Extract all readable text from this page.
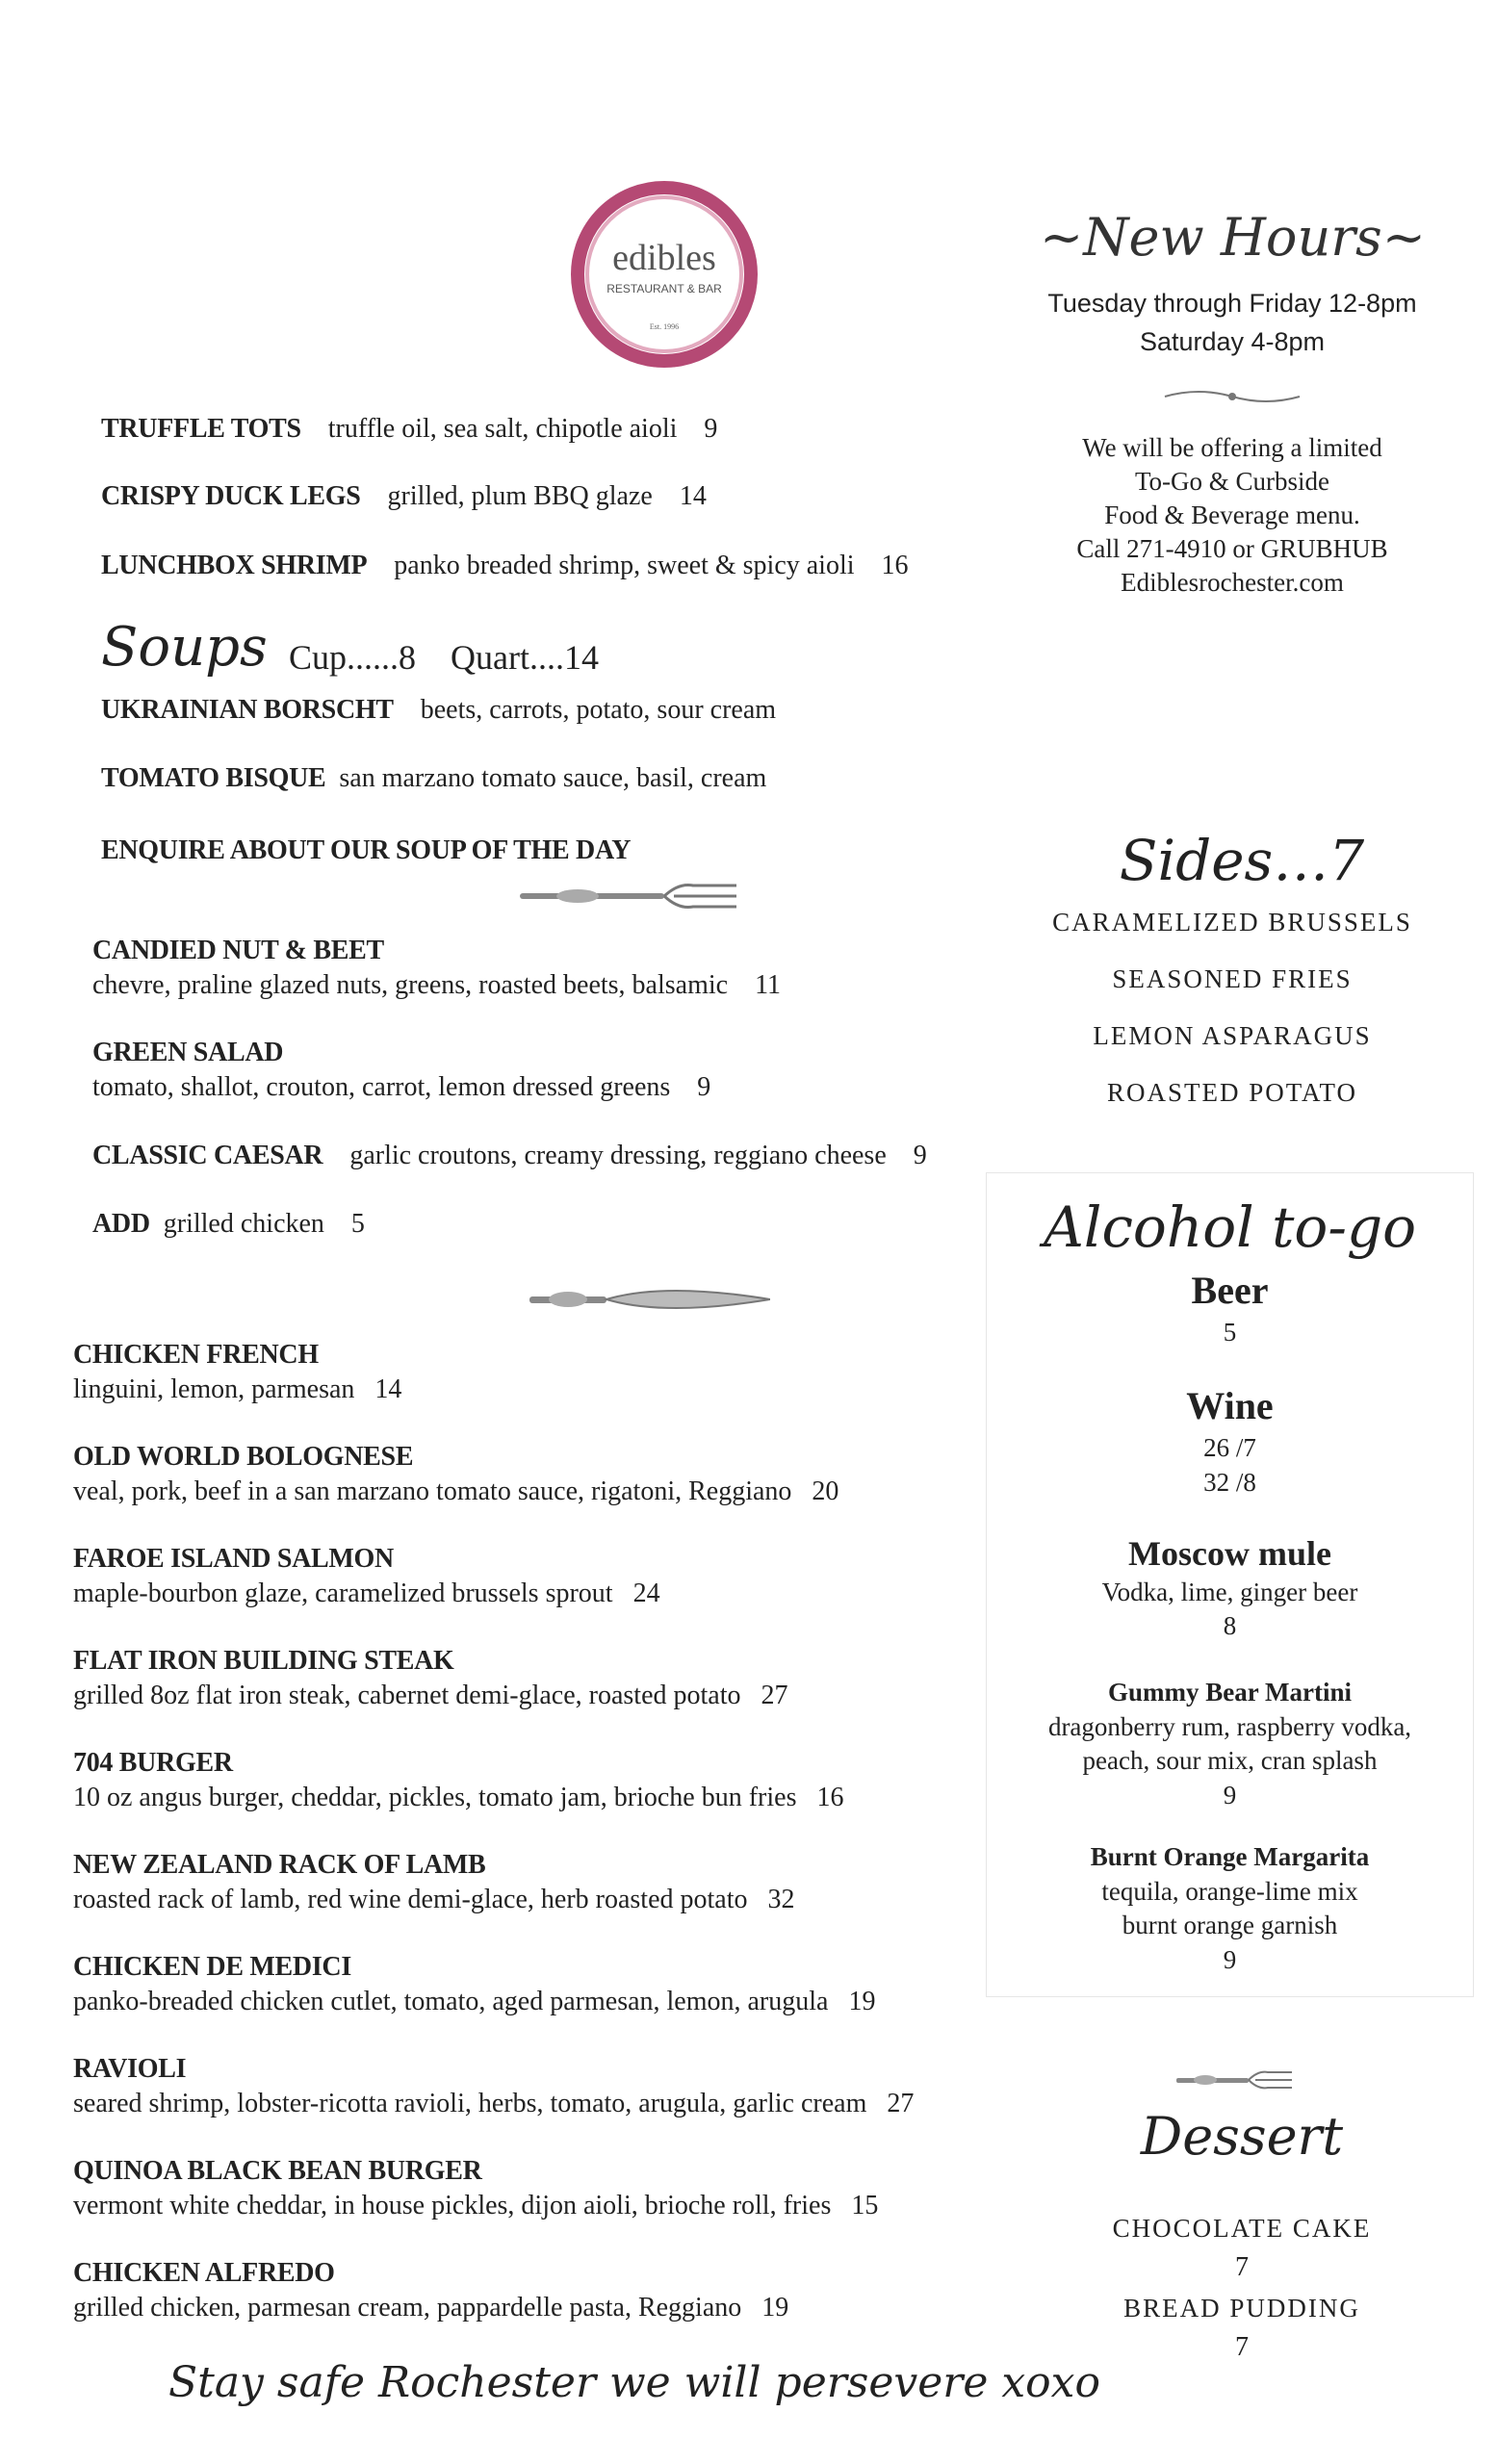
edibles
RESTAURANT & BAR
Est. 1996
~New Hours~
Tuesday through Friday 12-8pm
Saturday 4-8pm
We will be offering a limited
To-Go & Curbside
Food & Beverage menu.
Call 271-4910 or GRUBHUB
Ediblesrochester.com
TRUFFLE TOTS truffle oil, sea salt, chipotle aioli 9
CRISPY DUCK LEGS grilled, plum BBQ glaze 14
LUNCHBOX SHRIMP panko breaded shrimp, sweet & spicy aioli 16
Soups Cup......8 Quart....14
UKRAINIAN BORSCHT beets, carrots, potato, sour cream
TOMATO BISQUE san marzano tomato sauce, basil, cream
ENQUIRE ABOUT OUR SOUP OF THE DAY
CANDIED NUT & BEET
chevre, praline glazed nuts, greens, roasted beets, balsamic 11
GREEN SALAD
tomato, shallot, crouton, carrot, lemon dressed greens 9
CLASSIC CAESAR garlic croutons, creamy dressing, reggiano cheese 9
ADD grilled chicken 5
CHICKEN FRENCH
linguini, lemon, parmesan 14
OLD WORLD BOLOGNESE
veal, pork, beef in a san marzano tomato sauce, rigatoni, Reggiano 20
FAROE ISLAND SALMON
maple-bourbon glaze, caramelized brussels sprout 24
FLAT IRON BUILDING STEAK
grilled 8oz flat iron steak, cabernet demi-glace, roasted potato 27
704 BURGER
10 oz angus burger, cheddar, pickles, tomato jam, brioche bun fries 16
NEW ZEALAND RACK OF LAMB
roasted rack of lamb, red wine demi-glace, herb roasted potato 32
CHICKEN DE MEDICI
panko-breaded chicken cutlet, tomato, aged parmesan, lemon, arugula 19
RAVIOLI
seared shrimp, lobster-ricotta ravioli, herbs, tomato, arugula, garlic cream 27
QUINOA BLACK BEAN BURGER
vermont white cheddar, in house pickles, dijon aioli, brioche roll, fries 15
CHICKEN ALFREDO
grilled chicken, parmesan cream, pappardelle pasta, Reggiano 19
Sides…7
CARAMELIZED BRUSSELS
SEASONED FRIES
LEMON ASPARAGUS
ROASTED POTATO
Alcohol to-go
Beer
5
Wine
26 /7
32 /8
Moscow mule
Vodka, lime, ginger beer
8
Gummy Bear Martini
dragonberry rum, raspberry vodka,
peach, sour mix, cran splash
9
Burnt Orange Margarita
tequila, orange-lime mix
burnt orange garnish
9
Dessert
CHOCOLATE CAKE
7
BREAD PUDDING
7
Stay safe Rochester we will persevere xoxo
